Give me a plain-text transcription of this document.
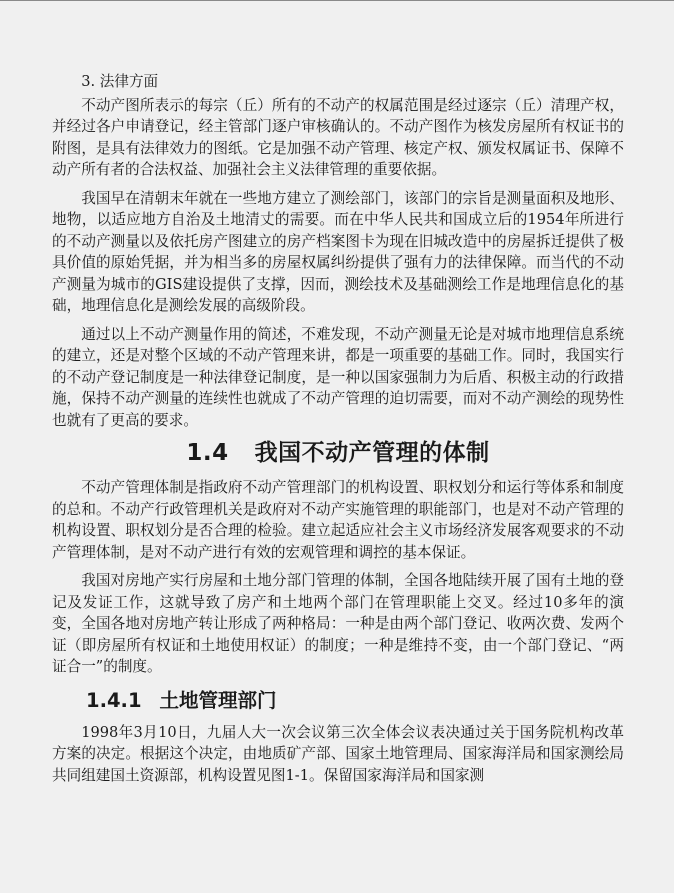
3. 法律方面

不动产图所表示的每宗（丘）所有的不动产的权属范围是经过逐宗（丘）清理产权，并经过各户申请登记，经主管部门逐户审核确认的。不动产图作为核发房屋所有权证书的附图，是具有法律效力的图纸。它是加强不动产管理、核定产权、颁发权属证书、保障不动产所有者的合法权益、加强社会主义法律管理的重要依据。

我国早在清朝末年就在一些地方建立了测绘部门，该部门的宗旨是测量面积及地形、地物，以适应地方自治及土地清丈的需要。而在中华人民共和国成立后的1954年所进行的不动产测量以及依托房产图建立的房产档案图卡为现在旧城改造中的房屋拆迁提供了极具价值的原始凭据，并为相当多的房屋权属纠纷提供了强有力的法律保障。而当代的不动产测量为城市的GIS建设提供了支撑，因而，测绘技术及基础测绘工作是地理信息化的基础，地理信息化是测绘发展的高级阶段。

通过以上不动产测量作用的简述，不难发现，不动产测量无论是对城市地理信息系统的建立，还是对整个区域的不动产管理来讲，都是一项重要的基础工作。同时，我国实行的不动产登记制度是一种法律登记制度，是一种以国家强制力为后盾、积极主动的行政措施，保持不动产测量的连续性也就成了不动产管理的迫切需要，而对不动产测绘的现势性也就有了更高的要求。

1.4 我国不动产管理的体制

不动产管理体制是指政府不动产管理部门的机构设置、职权划分和运行等体系和制度的总和。不动产行政管理机关是政府对不动产实施管理的职能部门，也是对不动产管理的机构设置、职权划分是否合理的检验。建立起适应社会主义市场经济发展客观要求的不动产管理体制，是对不动产进行有效的宏观管理和调控的基本保证。

我国对房地产实行房屋和土地分部门管理的体制，全国各地陆续开展了国有土地的登记及发证工作，这就导致了房产和土地两个部门在管理职能上交叉。经过10多年的演变，全国各地对房地产转让形成了两种格局：一种是由两个部门登记、收两次费、发两个证（即房屋所有权证和土地使用权证）的制度；一种是维持不变，由一个部门登记、“两证合一”的制度。

1.4.1 土地管理部门

1998年3月10日，九届人大一次会议第三次全体会议表决通过关于国务院机构改革方案的决定。根据这个决定，由地质矿产部、国家土地管理局、国家海洋局和国家测绘局共同组建国土资源部，机构设置见图1-1。保留国家海洋局和国家测
